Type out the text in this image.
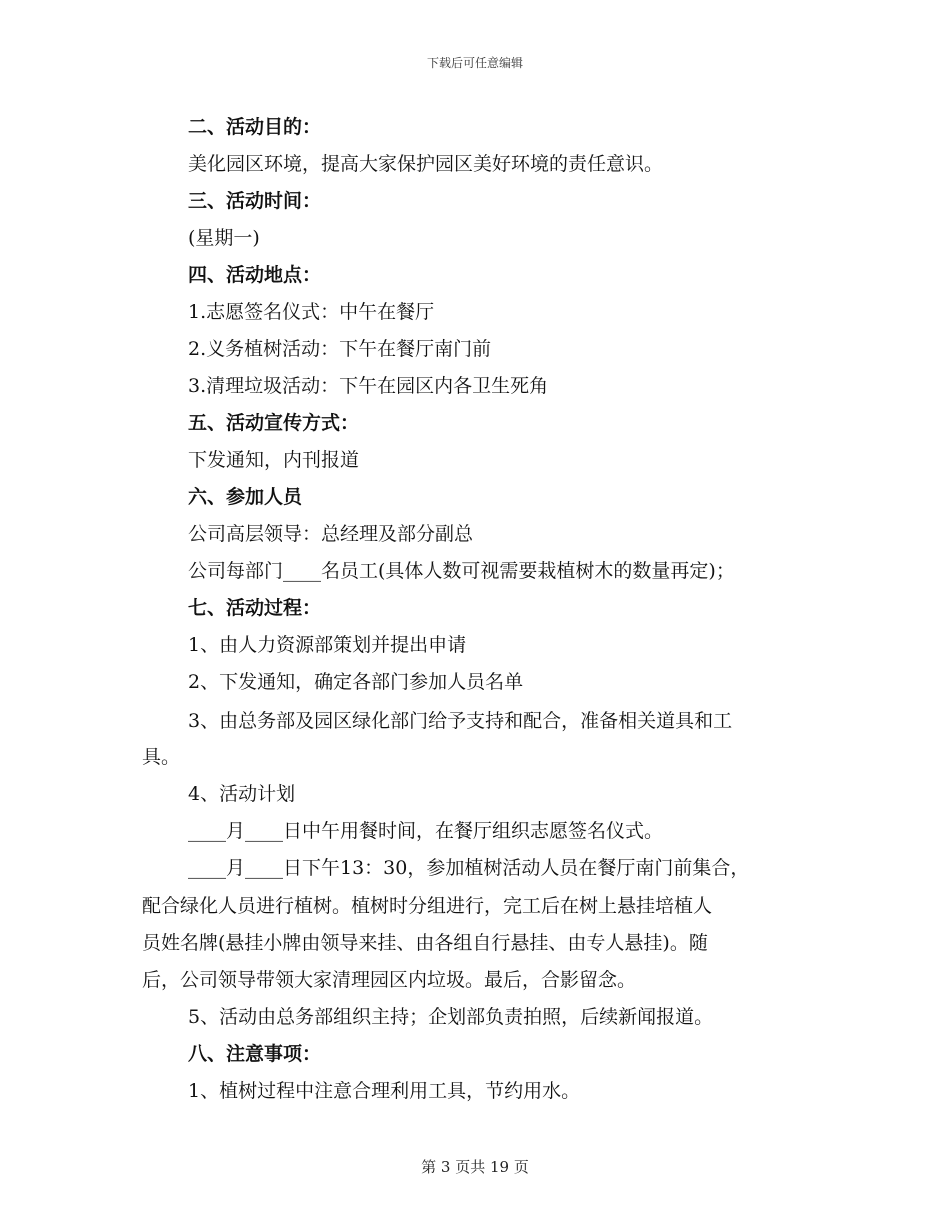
下载后可任意编辑
二、活动目的：
美化园区环境，提高大家保护园区美好环境的责任意识。
三、活动时间：
(星期一)
四、活动地点：
1.志愿签名仪式：中午在餐厅
2.义务植树活动：下午在餐厅南门前
3.清理垃圾活动：下午在园区内各卫生死角
五、活动宣传方式：
下发通知，内刊报道
六、参加人员
公司高层领导：总经理及部分副总
公司每部门____名员工(具体人数可视需要栽植树木的数量再定)；
七、活动过程：
1、由人力资源部策划并提出申请
2、下发通知，确定各部门参加人员名单
3、由总务部及园区绿化部门给予支持和配合，准备相关道具和工
具。
4、活动计划
____月____日中午用餐时间，在餐厅组织志愿签名仪式。
____月____日下午13：30，参加植树活动人员在餐厅南门前集合，
配合绿化人员进行植树。植树时分组进行，完工后在树上悬挂培植人
员姓名牌(悬挂小牌由领导来挂、由各组自行悬挂、由专人悬挂)。随
后，公司领导带领大家清理园区内垃圾。最后，合影留念。
5、活动由总务部组织主持；企划部负责拍照，后续新闻报道。
八、注意事项：
1、植树过程中注意合理利用工具，节约用水。
第 3 页共 19 页
